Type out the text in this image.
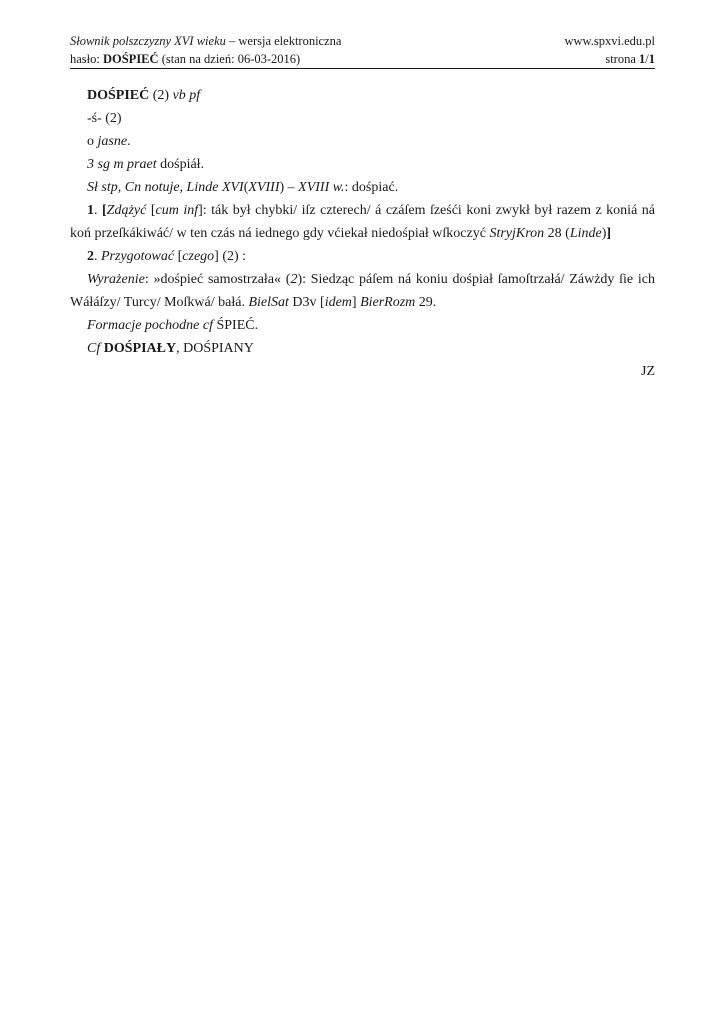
Słownik polszczyzny XVI wieku – wersja elektroniczna	www.spxvi.edu.pl
hasło: DOŚPIEĆ (stan na dzień: 06-03-2016)	strona 1/1

DOŚPIEĆ (2) vb pf

-ś- (2)

o jasne.

3 sg m praet dośpiáł.

Sł stp, Cn notuje, Linde XVI(XVIII) – XVIII w.: dośpiać.

1. [Zdążyć [cum inf]: ták był chybki/ iſz czterech/ á czáſem ſześći koni zwykł był razem z koniá ná koń przeſkákiwáć/ w ten czás ná iednego gdy vćiekał niedośpiał wſkoczyć StryjKron 28 (Linde)]

2. Przygotować [czego] (2) :

Wyrażenie: »dośpieć samostrzała« (2): Siedząc páſem ná koniu dośpiał ſamoſtrzałá/ Záwżdy ſie ich Wáłáſzy/ Turcy/ Moſkwá/ bałá. BielSat D3v [idem] BierRozm 29.

Formacje pochodne cf ŚPIEĆ.

Cf DOŚPIAŁY, DOŚPIANY

JZ
